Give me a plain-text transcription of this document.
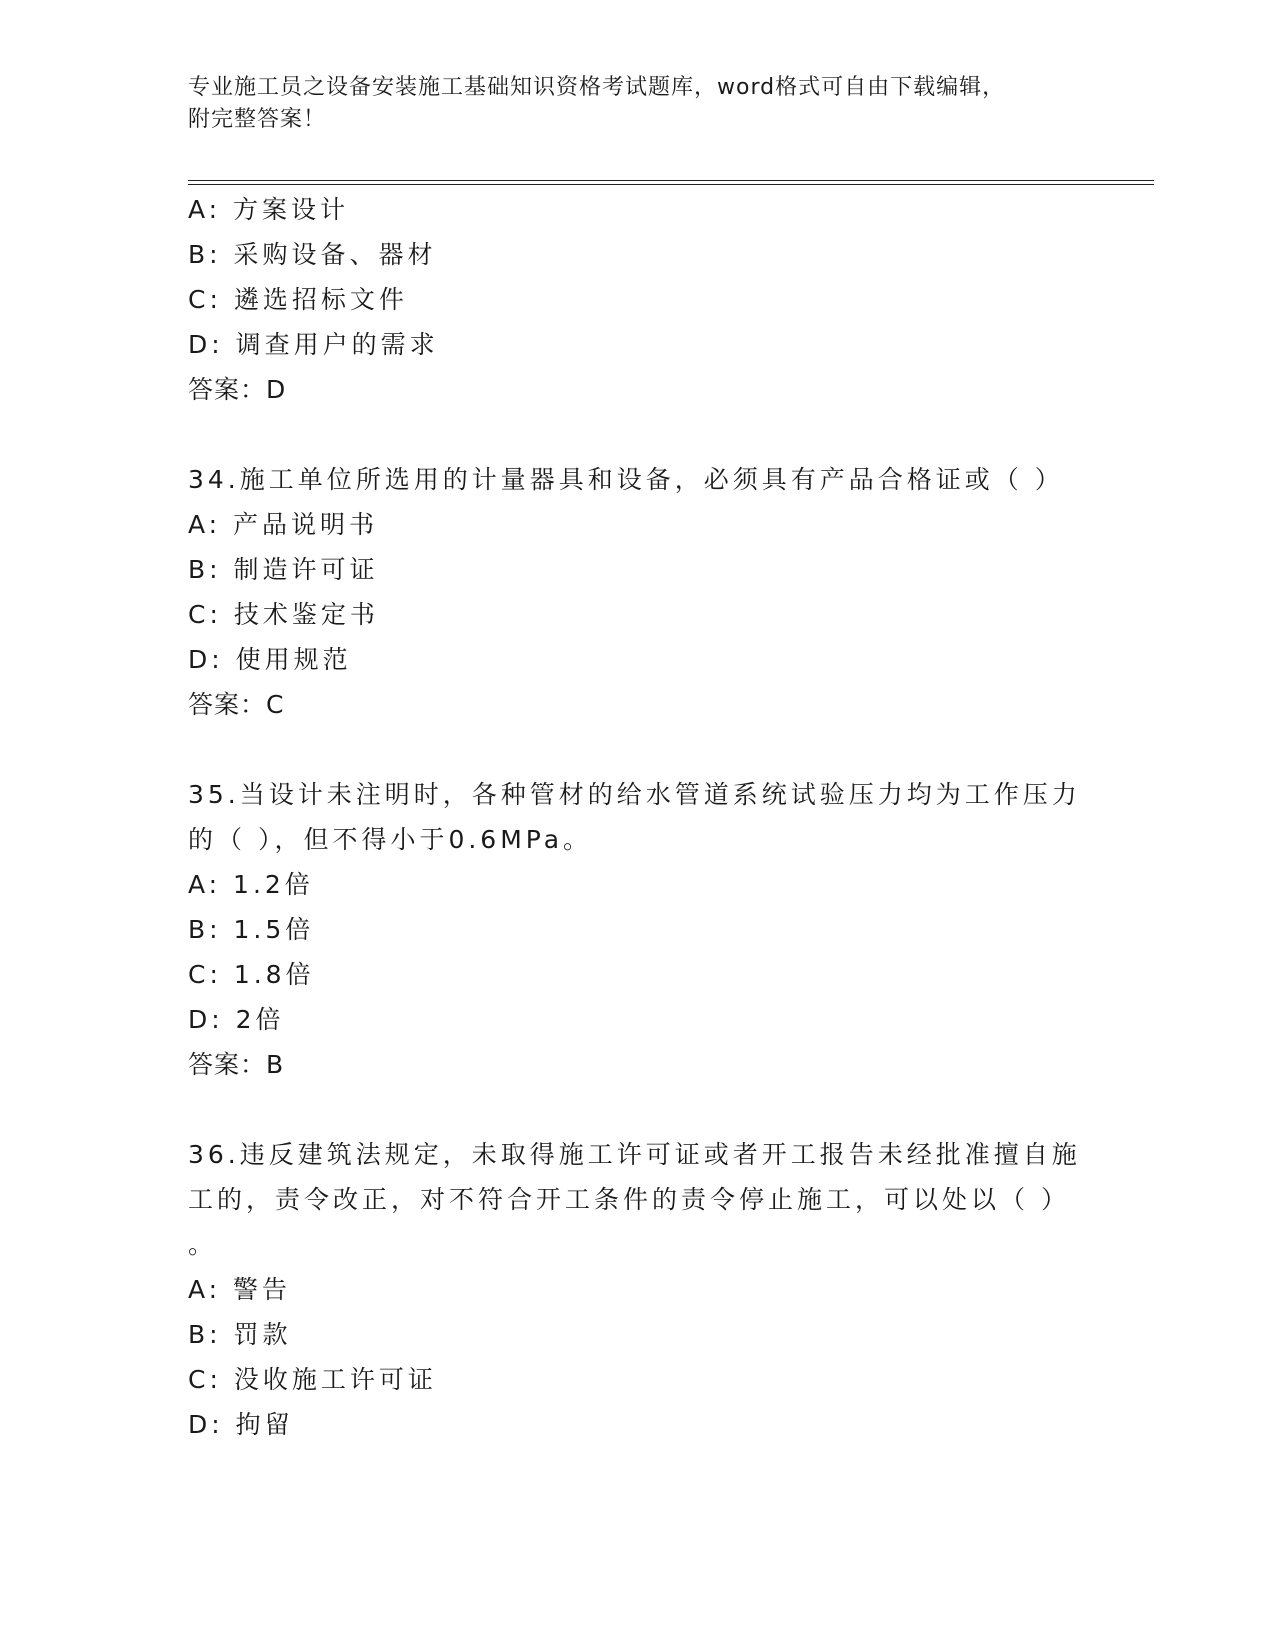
专业施工员之设备安装施工基础知识资格考试题库，word格式可自由下载编辑，
附完整答案！
A: 方案设计
B: 采购设备、器材
C: 遴选招标文件
D: 调查用户的需求
答案：D
34.施工单位所选用的计量器具和设备，必须具有产品合格证或（ ）
A: 产品说明书
B: 制造许可证
C: 技术鉴定书
D: 使用规范
答案：C
35.当设计未注明时，各种管材的给水管道系统试验压力均为工作压力
的（ ），但不得小于0.6MPa。
A: 1.2倍
B: 1.5倍
C: 1.8倍
D: 2倍
答案：B
36.违反建筑法规定，未取得施工许可证或者开工报告未经批准擅自施
工的，责令改正，对不符合开工条件的责令停止施工，可以处以（ ）
。
A: 警告
B: 罚款
C: 没收施工许可证
D: 拘留
